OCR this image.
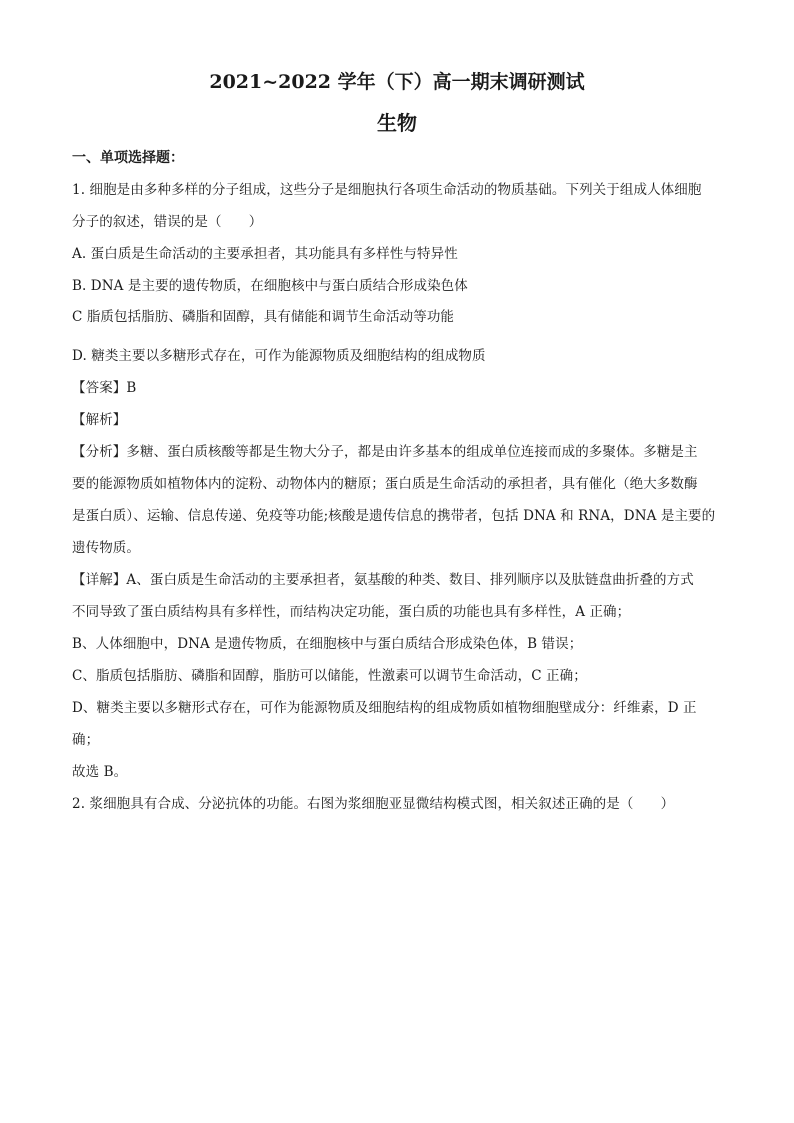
2021~2022 学年（下）高一期末调研测试
生物
一、单项选择题：

1. 细胞是由多种多样的分子组成，这些分子是细胞执行各项生命活动的物质基础。下列关于组成人体细胞

分子的叙述，错误的是（　　）

A. 蛋白质是生命活动的主要承担者，其功能具有多样性与特异性

B. DNA 是主要的遗传物质，在细胞核中与蛋白质结合形成染色体

C 脂质包括脂肪、磷脂和固醇，具有储能和调节生命活动等功能

D. 糖类主要以多糖形式存在，可作为能源物质及细胞结构的组成物质

【答案】B

【解析】

【分析】多糖、蛋白质核酸等都是生物大分子，都是由许多基本的组成单位连接而成的多聚体。多糖是主

要的能源物质如植物体内的淀粉、动物体内的糖原；蛋白质是生命活动的承担者，具有催化（绝大多数酶

是蛋白质）、运输、信息传递、免疫等功能;核酸是遗传信息的携带者，包括 DNA 和 RNA，DNA 是主要的

遗传物质。

【详解】A、蛋白质是生命活动的主要承担者，氨基酸的种类、数目、排列顺序以及肽链盘曲折叠的方式

不同导致了蛋白质结构具有多样性，而结构决定功能，蛋白质的功能也具有多样性，A 正确；

B、人体细胞中，DNA 是遗传物质，在细胞核中与蛋白质结合形成染色体，B 错误；

C、脂质包括脂肪、磷脂和固醇，脂肪可以储能，性激素可以调节生命活动，C 正确；

D、糖类主要以多糖形式存在，可作为能源物质及细胞结构的组成物质如植物细胞壁成分：纤维素，D 正

确；

故选 B。

2. 浆细胞具有合成、分泌抗体的功能。右图为浆细胞亚显微结构模式图，相关叙述正确的是（　　）
